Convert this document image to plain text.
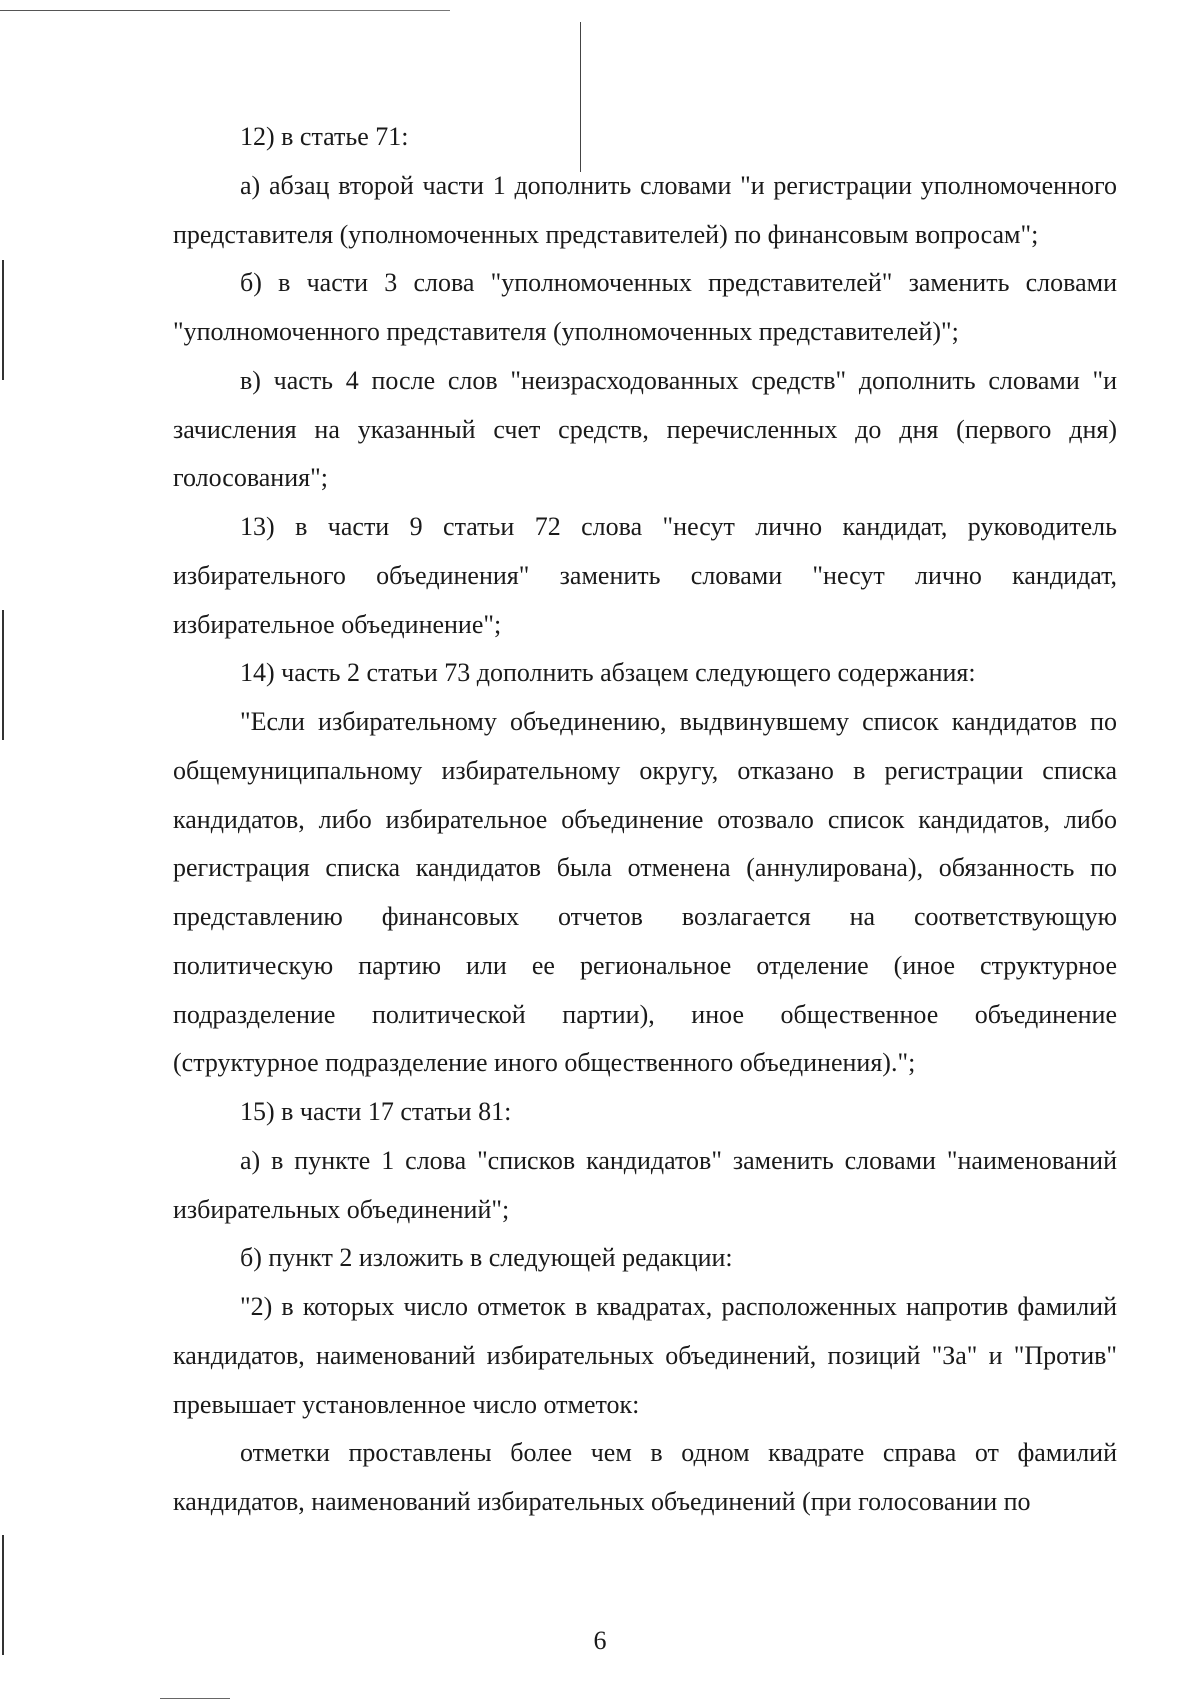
12) в статье 71:

а) абзац второй части 1 дополнить словами "и регистрации уполномоченного представителя (уполномоченных представителей) по финансовым вопросам";

б) в части 3 слова "уполномоченных представителей" заменить словами "уполномоченного представителя (уполномоченных представителей)";

в) часть 4 после слов "неизрасходованных средств" дополнить словами "и зачисления на указанный счет средств, перечисленных до дня (первого дня) голосования";

13) в части 9 статьи 72 слова "несут лично кандидат, руководитель избирательного объединения" заменить словами "несут лично кандидат, избирательное объединение";

14) часть 2 статьи 73 дополнить абзацем следующего содержания:

"Если избирательному объединению, выдвинувшему список кандидатов по общемуниципальному избирательному округу, отказано в регистрации списка кандидатов, либо избирательное объединение отозвало список кандидатов, либо регистрация списка кандидатов была отменена (аннулирована), обязанность по представлению финансовых отчетов возлагается на соответствующую политическую партию или ее региональное отделение (иное структурное подразделение политической партии), иное общественное объединение (структурное подразделение иного общественного объединения).";

15) в части 17 статьи 81:

а) в пункте 1 слова "списков кандидатов" заменить словами "наименований избирательных объединений";

б) пункт 2 изложить в следующей редакции:

"2) в которых число отметок в квадратах, расположенных напротив фамилий кандидатов, наименований избирательных объединений, позиций "За" и "Против" превышает установленное число отметок:

отметки проставлены более чем в одном квадрате справа от фамилий кандидатов, наименований избирательных объединений (при голосовании по

6
